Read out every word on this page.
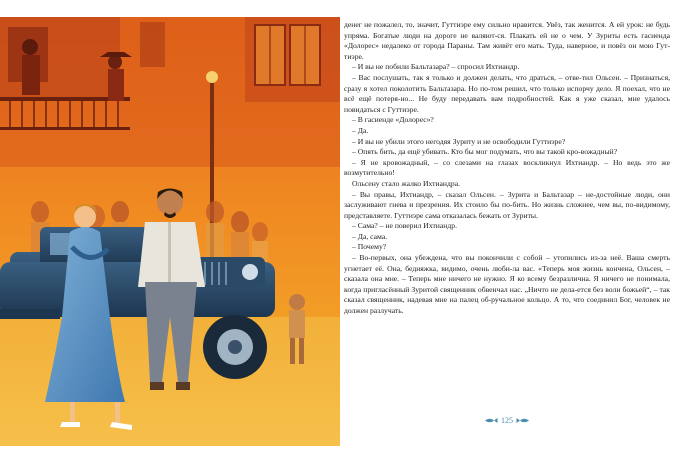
денег не пожалел, то, значит, Гуттиэре ему сильно нравится. Увёз, так женится. А ей урок: не будь упряма. Богатые люди на дороге не валяют-ся. Плакать ей не о чем. У Зуриты есть гасиенда «Долорес» недалеко от города Параны. Там живёт его мать. Туда, наверное, и повёз он мою Гут-тиэре.

– И вы не побили Бальтазара? – спросил Ихтиандр.

– Вас послушать, так я только и должен делать, что драться, – отве-тил Ольсен. – Признаться, сразу я хотел поколотить Бальтазара. Но по-том решил, что только испорчу дело. Я поехал, что не всё ещё потеря-но... Не буду передавать вам подробностей. Как я уже сказал, мне удалось повидаться с Гуттиэре.

– В гасиенде «Долорес»?

– Да.

– И вы не убили этого негодяя Зуриту и не освободили Гуттиэре?

– Опять бить, да ещё убивать. Кто бы мог подумать, что вы такой кро-вожадный?

– Я не кровожадный, – со слезами на глазах воскликнул Ихтиандр. – Но ведь это же возмутительно!

Ольсену стало жалко Ихтиандра.

– Вы правы, Ихтиандр, – сказал Ольсен. – Зурита и Бальтазар – не-достойные люди, они заслуживают гнева и презрения. Их стоило бы по-бить. Но жизнь сложнее, чем вы, по-видимому, представляете. Гуттиэре сама отказалась бежать от Зуриты.

– Сама? – не поверил Ихтиандр.

– Да, сама.

– Почему?

– Во-первых, она убеждена, что вы покончили с собой – утопились из-за неё. Ваша смерть угнетает её. Она, бедняжка, видимо, очень люби-ла вас. «Теперь моя жизнь кончена, Ольсен, – сказала она мне. – Теперь мне ничего не нужно. Я ко всему безразлична. Я ничего не понимала, когда пригласённый Зуритой священник обвенчал нас. „Ничто не дела-ется без воли божьей“, – так сказал священник, надевая мне на палец об-ручальное кольцо. А то, что соединил Бог, человек не должен разлучать.

125
